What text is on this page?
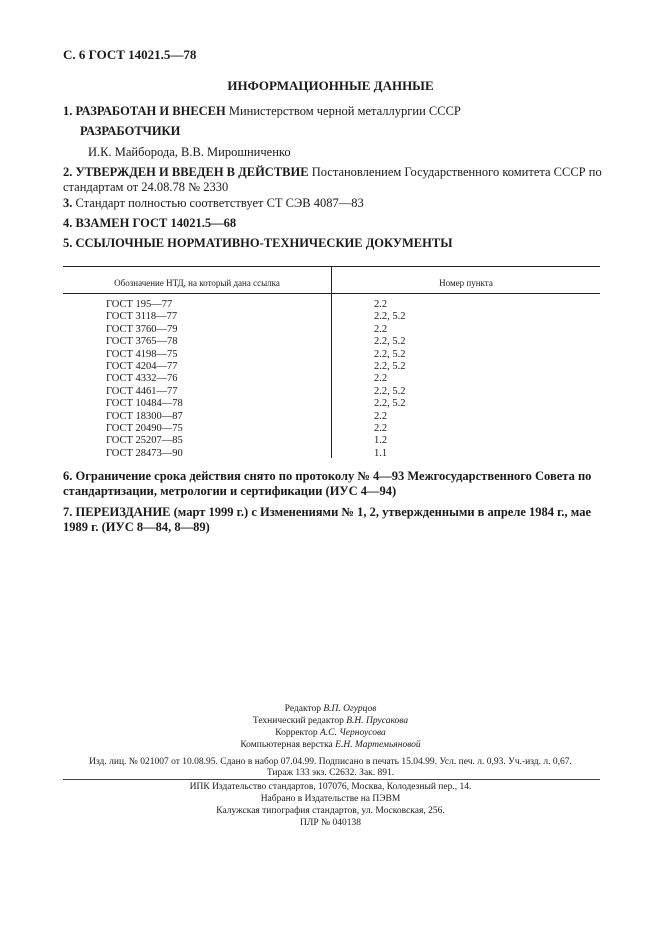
С. 6 ГОСТ 14021.5—78
ИНФОРМАЦИОННЫЕ ДАННЫЕ
1. РАЗРАБОТАН И ВНЕСЕН Министерством черной металлургии СССР
РАЗРАБОТЧИКИ
И.К. Майборода, В.В. Мирошниченко
2. УТВЕРЖДЕН И ВВЕДЕН В ДЕЙСТВИЕ Постановлением Государственного комитета СССР по стандартам от 24.08.78 № 2330
3. Стандарт полностью соответствует СТ СЭВ 4087—83
4. ВЗАМЕН ГОСТ 14021.5—68
5. ССЫЛОЧНЫЕ НОРМАТИВНО-ТЕХНИЧЕСКИЕ ДОКУМЕНТЫ
Обозначение НТД, на который дана ссылка	Номер пункта
ГОСТ 195—77
ГОСТ 3118—77
ГОСТ 3760—79
ГОСТ 3765—78
ГОСТ 4198—75
ГОСТ 4204—77
ГОСТ 4332—76
ГОСТ 4461—77
ГОСТ 10484—78
ГОСТ 18300—87
ГОСТ 20490—75
ГОСТ 25207—85
ГОСТ 28473—90
2.2
2.2, 5.2
2.2
2.2, 5.2
2.2, 5.2
2.2, 5.2
2.2
2.2, 5.2
2.2, 5.2
2.2
2.2
1.2
1.1
6. Ограничение срока действия снято по протоколу № 4—93 Межгосударственного Совета по стандартизации, метрологии и сертификации (ИУС 4—94)
7. ПЕРЕИЗДАНИЕ (март 1999 г.) с Изменениями № 1, 2, утвержденными в апреле 1984 г., мае 1989 г. (ИУС 8—84, 8—89)
Редактор В.П. Огурцов
Технический редактор В.Н. Прусакова
Корректор А.С. Черноусова
Компьютерная верстка Е.Н. Мартемьяновой
Изд. лиц. № 021007 от 10.08.95. Сдано в набор 07.04.99. Подписано в печать 15.04.99. Усл. печ. л. 0,93. Уч.-изд. л. 0,67.
Тираж 133 экз. С2632. Зак. 891.
ИПК Издательство стандартов, 107076, Москва, Колодезный пер., 14.
Набрано в Издательстве на ПЭВМ
Калужская типография стандартов, ул. Московская, 256.
ПЛР № 040138
